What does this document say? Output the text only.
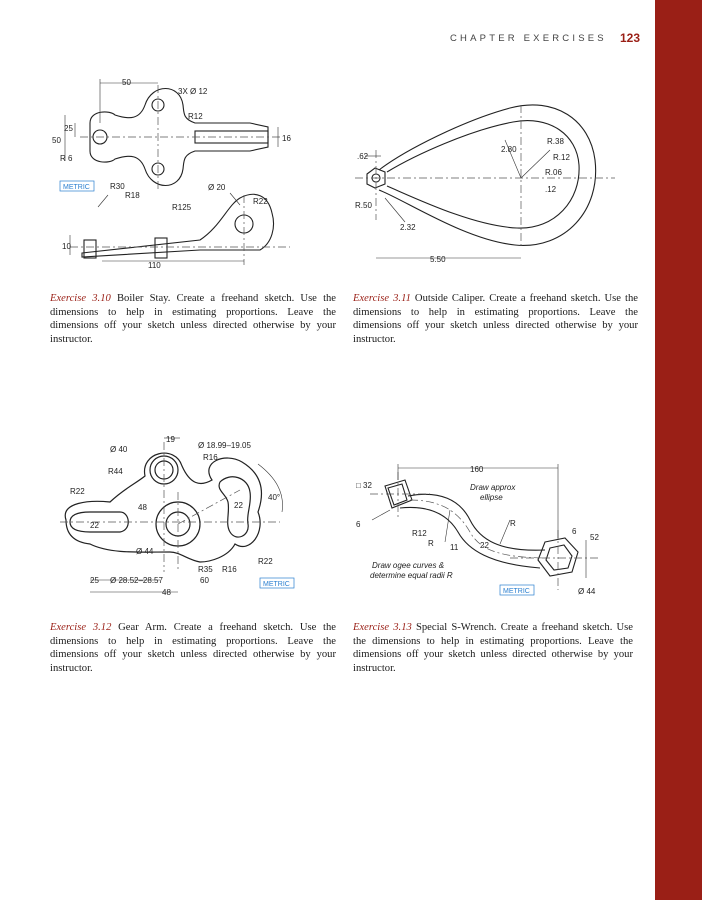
CHAPTER EXERCISES 123
50
3X Ø 12
R12
25
50
R 6
16
METRIC	R30
R18
Ø 20
R125
R22
10
110
.62
2.80
R.38
R.12
R.06
.12
R.50
2.32
5.50
19
Ø 18.99–19.05
Ø 40
R16
R44
R22
48	22
40°
22
Ø 44
R22
R35 R16
25 Ø 28.52–28.57	60
48
METRIC
160
□ 32	Draw approx
ellipse
6
R12
R
R
11	22
6
52
Draw ogee curves &
determine equal radii R
METRIC	Ø 44

Exercise 3.10 Boiler Stay. Create a freehand sketch. Use the dimensions to help in estimating proportions. Leave the dimensions off your sketch unless directed otherwise by your instructor.

Exercise 3.11 Outside Caliper. Create a freehand sketch. Use the dimensions to help in estimating proportions. Leave the dimensions off your sketch unless directed otherwise by your instructor.

Exercise 3.12 Gear Arm. Create a freehand sketch. Use the dimensions to help in estimating proportions. Leave the dimensions off your sketch unless directed otherwise by your instructor.

Exercise 3.13 Special S-Wrench. Create a freehand sketch. Use the dimensions to help in estimating proportions. Leave the dimensions off your sketch unless directed otherwise by your instructor.
